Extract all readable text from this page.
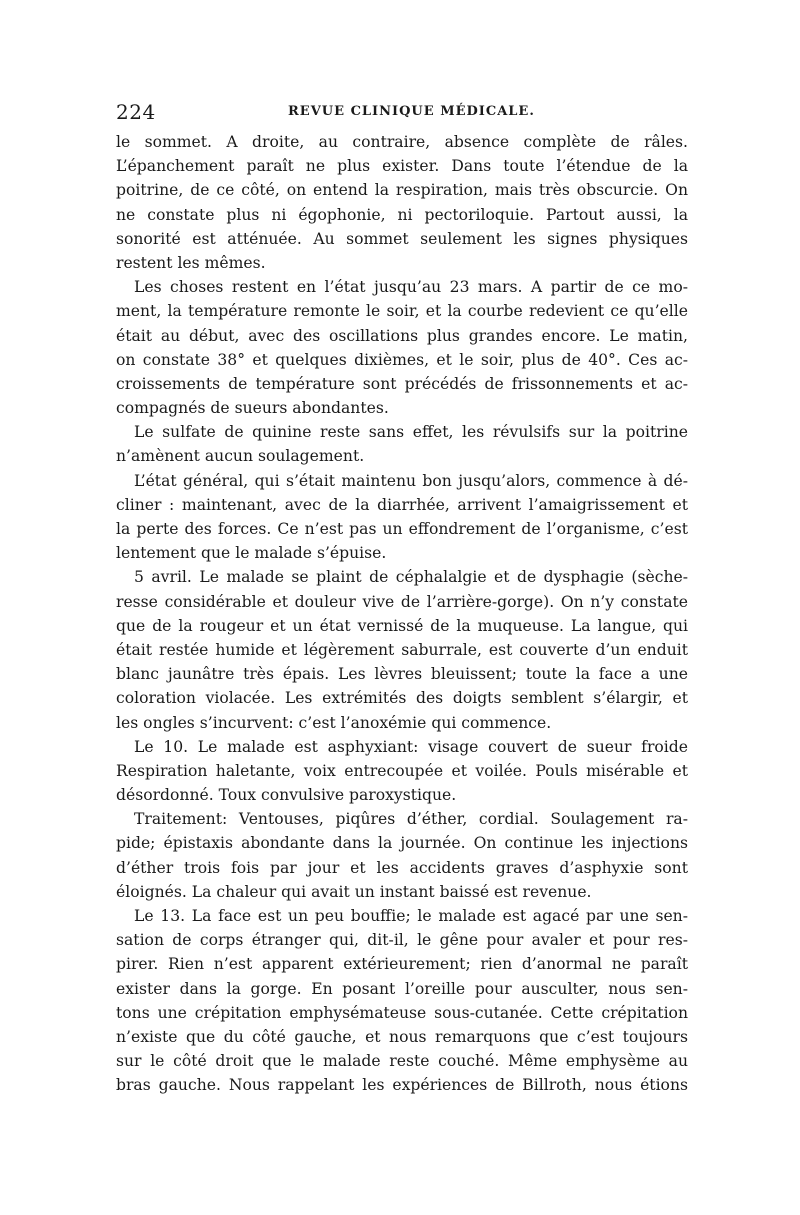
224	REVUE CLINIQUE MÉDICALE.
le sommet. A droite, au contraire, absence complète de râles.
L’épanchement paraît ne plus exister. Dans toute l’étendue de la
poitrine, de ce côté, on entend la respiration, mais très obscurcie. On
ne constate plus ni égophonie, ni pectoriloquie. Partout aussi, la
sonorité est atténuée. Au sommet seulement les signes physiques
restent les mêmes.
Les choses restent en l’état jusqu’au 23 mars. A partir de ce mo-
ment, la température remonte le soir, et la courbe redevient ce qu’elle
était au début, avec des oscillations plus grandes encore. Le matin,
on constate 38° et quelques dixièmes, et le soir, plus de 40°. Ces ac-
croissements de température sont précédés de frissonnements et ac-
compagnés de sueurs abondantes.
Le sulfate de quinine reste sans effet, les révulsifs sur la poitrine
n’amènent aucun soulagement.
L’état général, qui s’était maintenu bon jusqu’alors, commence à dé-
cliner : maintenant, avec de la diarrhée, arrivent l’amaigrissement et
la perte des forces. Ce n’est pas un effondrement de l’organisme, c’est
lentement que le malade s’épuise.
5 avril. Le malade se plaint de céphalalgie et de dysphagie (sèche-
resse considérable et douleur vive de l’arrière-gorge). On n’y constate
que de la rougeur et un état vernissé de la muqueuse. La langue, qui
était restée humide et légèrement saburrale, est couverte d’un enduit
blanc jaunâtre très épais. Les lèvres bleuissent; toute la face a une
coloration violacée. Les extrémités des doigts semblent s’élargir, et
les ongles s’incurvent: c’est l’anoxémie qui commence.
Le 10. Le malade est asphyxiant: visage couvert de sueur froide
Respiration haletante, voix entrecoupée et voilée. Pouls misérable et
désordonné. Toux convulsive paroxystique.
Traitement: Ventouses, piqûres d’éther, cordial. Soulagement ra-
pide; épistaxis abondante dans la journée. On continue les injections
d’éther trois fois par jour et les accidents graves d’asphyxie sont
éloignés. La chaleur qui avait un instant baissé est revenue.
Le 13. La face est un peu bouffie; le malade est agacé par une sen-
sation de corps étranger qui, dit-il, le gêne pour avaler et pour res-
pirer. Rien n’est apparent extérieurement; rien d’anormal ne paraît
exister dans la gorge. En posant l’oreille pour ausculter, nous sen-
tons une crépitation emphysémateuse sous-cutanée. Cette crépitation
n’existe que du côté gauche, et nous remarquons que c’est toujours
sur le côté droit que le malade reste couché. Même emphysème au
bras gauche. Nous rappelant les expériences de Billroth, nous étions
